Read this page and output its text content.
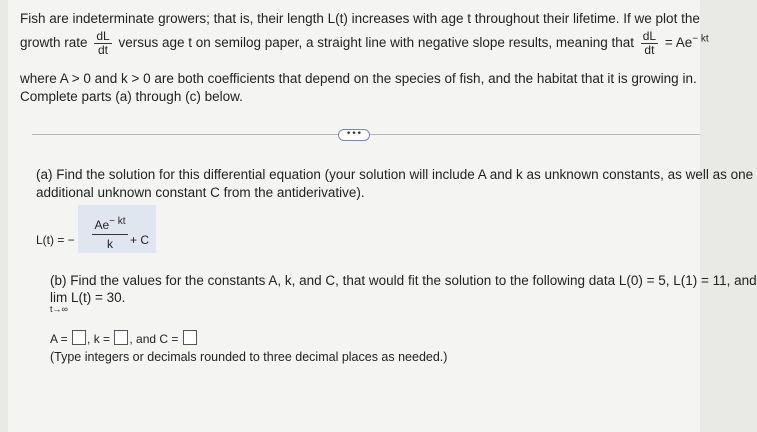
Fish are indeterminate growers; that is, their length L(t) increases with age t throughout their lifetime. If we plot the
growth rate $\frac{dL}{dt}$ versus age t on semilog paper, a straight line with negative slope results, meaning that $\frac{dL}{dt} = Ae^{- kt}$
where A > 0 and k > 0 are both coefficients that depend on the species of fish, and the habitat that it is growing in.
Complete parts (a) through (c) below.
•••
(a) Find the solution for this differential equation (your solution will include A and k as unknown constants, as well as one
additional unknown constant C from the antiderivative).
L(t) = − $\frac{Ae^{- kt}}{k} + C$
(b) Find the values for the constants A, k, and C, that would fit the solution to the following data L(0) = 5, L(1) = 11, and
lim L(t) = 30.
t→∞
A = , k = , and C =
(Type integers or decimals rounded to three decimal places as needed.)
